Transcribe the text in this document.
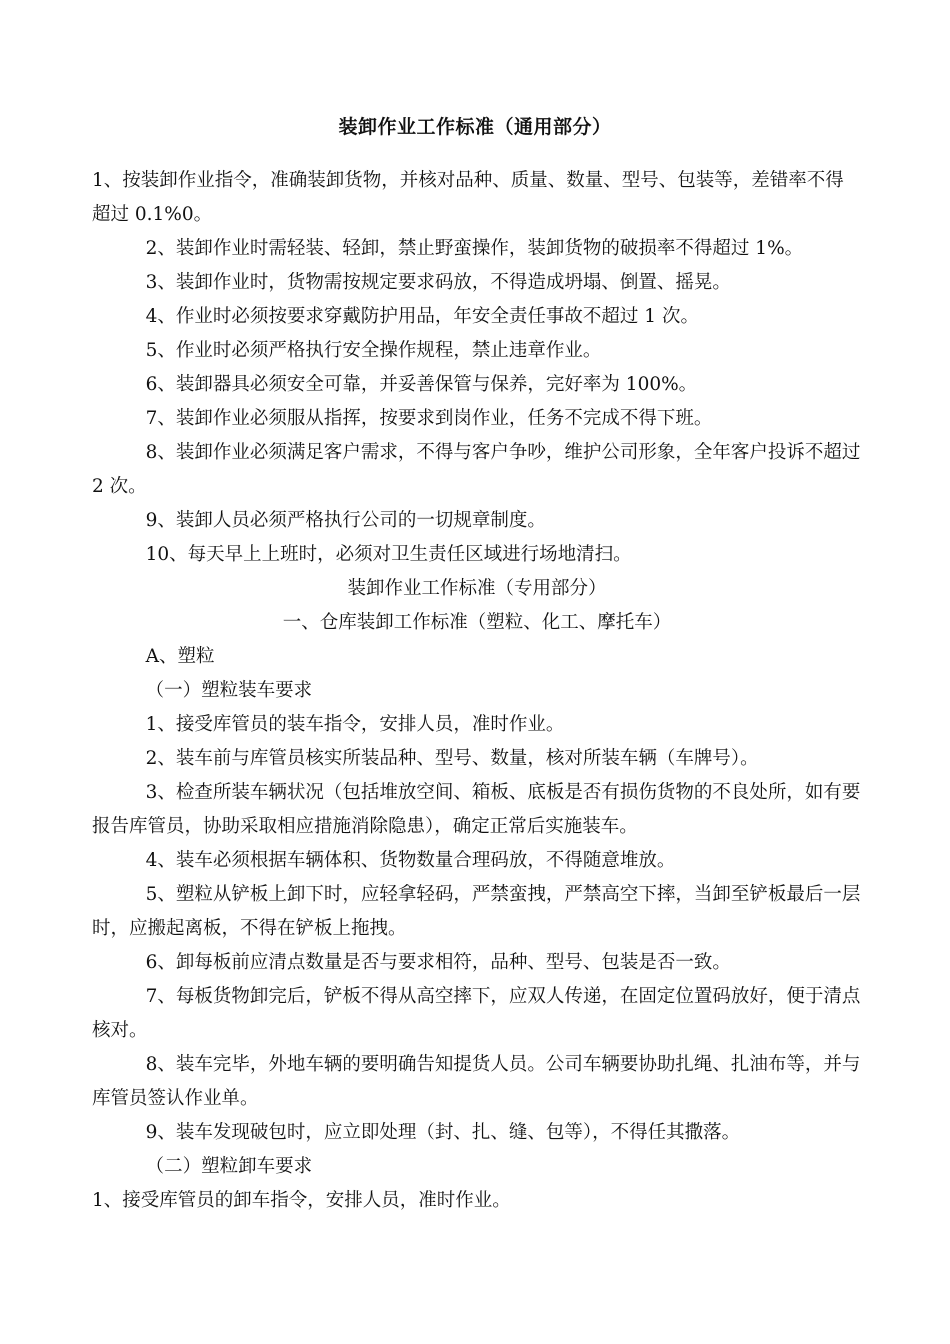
装卸作业工作标准（通用部分）

1、按装卸作业指令，准确装卸货物，并核对品种、质量、数量、型号、包装等，差错率不得超过 0.1%0。

2、装卸作业时需轻装、轻卸，禁止野蛮操作，装卸货物的破损率不得超过 1%。

3、装卸作业时，货物需按规定要求码放，不得造成坍塌、倒置、摇晃。

4、作业时必须按要求穿戴防护用品，年安全责任事故不超过 1 次。

5、作业时必须严格执行安全操作规程，禁止违章作业。

6、装卸器具必须安全可靠，并妥善保管与保养，完好率为 100%。

7、装卸作业必须服从指挥，按要求到岗作业，任务不完成不得下班。

8、装卸作业必须满足客户需求，不得与客户争吵，维护公司形象，全年客户投诉不超过 2 次。

9、装卸人员必须严格执行公司的一切规章制度。

10、每天早上上班时，必须对卫生责任区域进行场地清扫。

装卸作业工作标准（专用部分）

一、仓库装卸工作标准（塑粒、化工、摩托车）

A、塑粒

（一）塑粒装车要求

1、接受库管员的装车指令，安排人员，准时作业。

2、装车前与库管员核实所装品种、型号、数量，核对所装车辆（车牌号）。

3、检查所装车辆状况（包括堆放空间、箱板、底板是否有损伤货物的不良处所，如有要报告库管员，协助采取相应措施消除隐患），确定正常后实施装车。

4、装车必须根据车辆体积、货物数量合理码放，不得随意堆放。

5、塑粒从铲板上卸下时，应轻拿轻码，严禁蛮拽，严禁高空下摔，当卸至铲板最后一层时，应搬起离板，不得在铲板上拖拽。

6、卸每板前应清点数量是否与要求相符，品种、型号、包装是否一致。

7、每板货物卸完后，铲板不得从高空摔下，应双人传递，在固定位置码放好，便于清点核对。

8、装车完毕，外地车辆的要明确告知提货人员。公司车辆要协助扎绳、扎油布等，并与库管员签认作业单。

9、装车发现破包时，应立即处理（封、扎、缝、包等），不得任其撒落。

（二）塑粒卸车要求

1、接受库管员的卸车指令，安排人员，准时作业。
